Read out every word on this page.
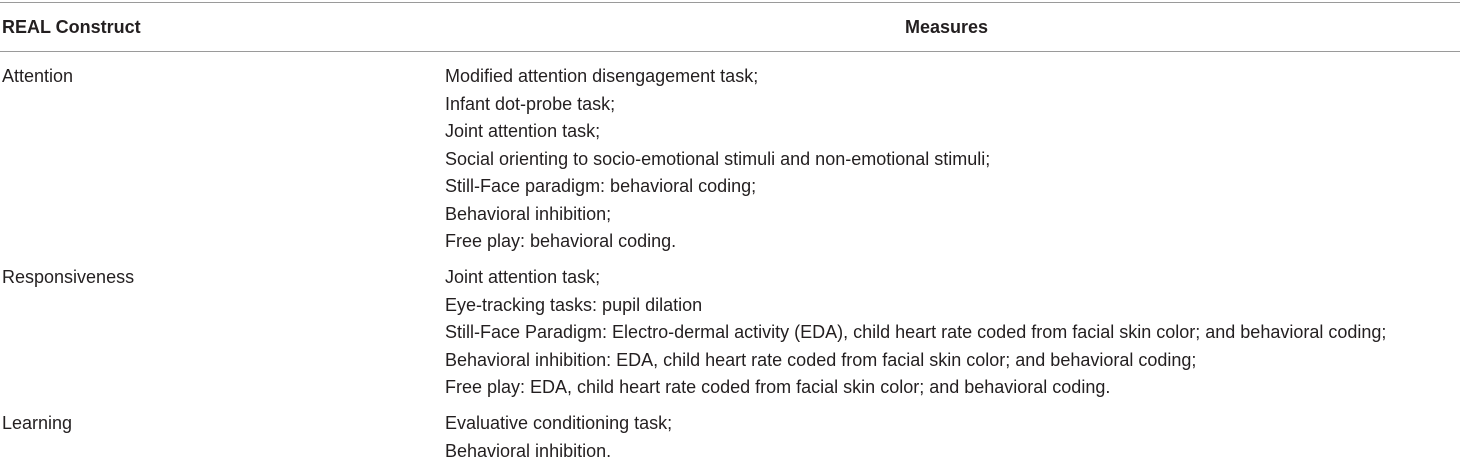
REAL Construct	Measures
Attention	Modified attention disengagement task;
Infant dot-probe task;
Joint attention task;
Social orienting to socio-emotional stimuli and non-emotional stimuli;
Still-Face paradigm: behavioral coding;
Behavioral inhibition;
Free play: behavioral coding.
Responsiveness	Joint attention task;
Eye-tracking tasks: pupil dilation
Still-Face Paradigm: Electro-dermal activity (EDA), child heart rate coded from facial skin color; and behavioral coding;
Behavioral inhibition: EDA, child heart rate coded from facial skin color; and behavioral coding;
Free play: EDA, child heart rate coded from facial skin color; and behavioral coding.
Learning	Evaluative conditioning task;
Behavioral inhibition.
